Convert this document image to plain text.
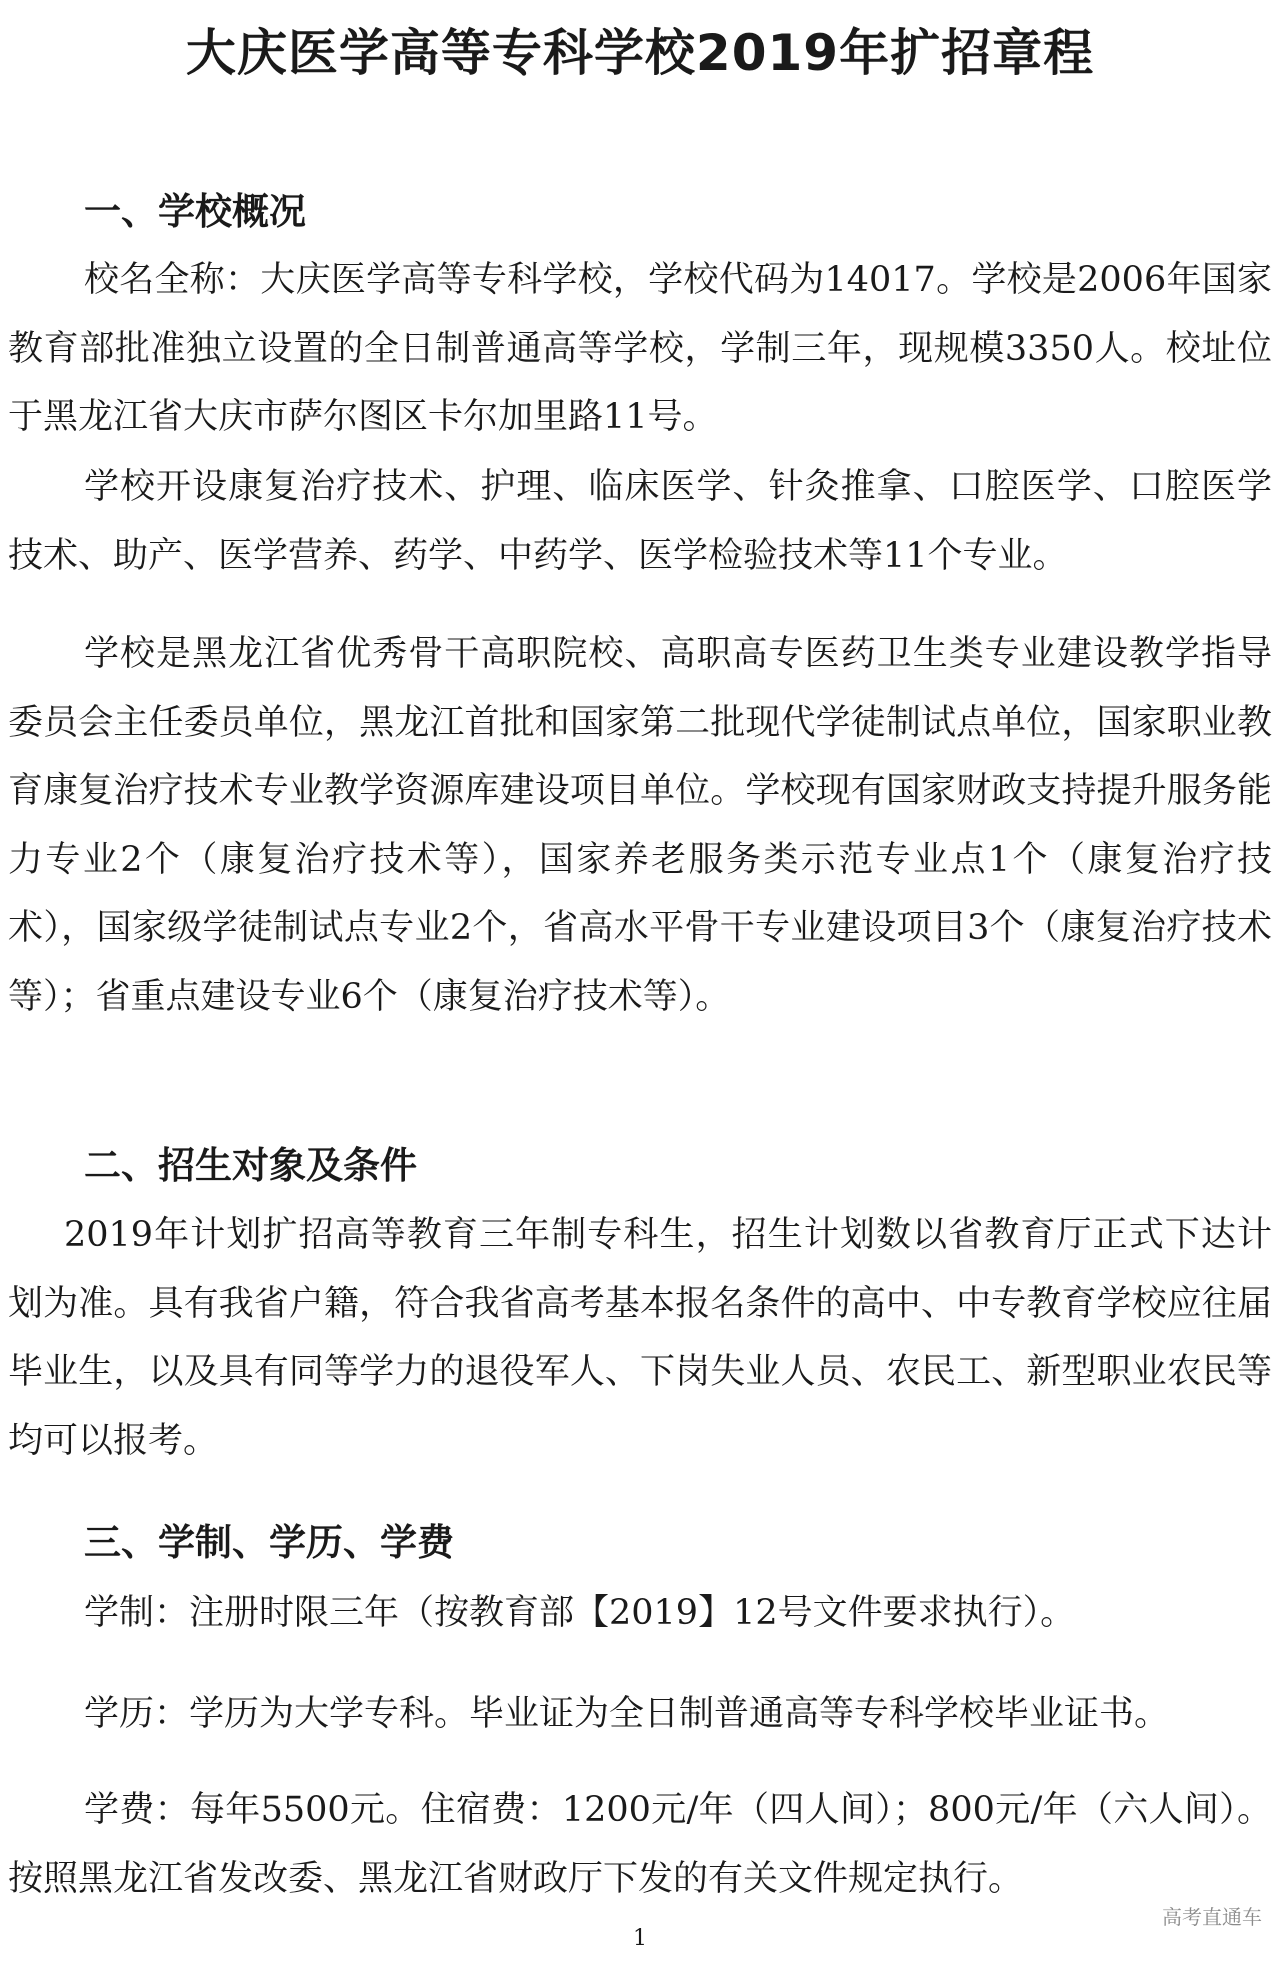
大庆医学高等专科学校2019年扩招章程
一、学校概况

校名全称：大庆医学高等专科学校，学校代码为14017。学校是2006年国家教育部批准独立设置的全日制普通高等学校，学制三年，现规模3350人。校址位于黑龙江省大庆市萨尔图区卡尔加里路11号。

学校开设康复治疗技术、护理、临床医学、针灸推拿、口腔医学、口腔医学技术、助产、医学营养、药学、中药学、医学检验技术等11个专业。

学校是黑龙江省优秀骨干高职院校、高职高专医药卫生类专业建设教学指导委员会主任委员单位，黑龙江首批和国家第二批现代学徒制试点单位，国家职业教育康复治疗技术专业教学资源库建设项目单位。学校现有国家财政支持提升服务能力专业2个（康复治疗技术等），国家养老服务类示范专业点1个（康复治疗技术），国家级学徒制试点专业2个，省高水平骨干专业建设项目3个（康复治疗技术等）；省重点建设专业6个（康复治疗技术等）。

二、招生对象及条件

2019年计划扩招高等教育三年制专科生，招生计划数以省教育厅正式下达计划为准。具有我省户籍，符合我省高考基本报名条件的高中、中专教育学校应往届毕业生，以及具有同等学力的退役军人、下岗失业人员、农民工、新型职业农民等均可以报考。

三、学制、学历、学费

学制：注册时限三年（按教育部【2019】12号文件要求执行）。

学历：学历为大学专科。毕业证为全日制普通高等专科学校毕业证书。

学费：每年5500元。住宿费：1200元/年（四人间）；800元/年（六人间）。按照黑龙江省发改委、黑龙江省财政厅下发的有关文件规定执行。

1
高考直通车
